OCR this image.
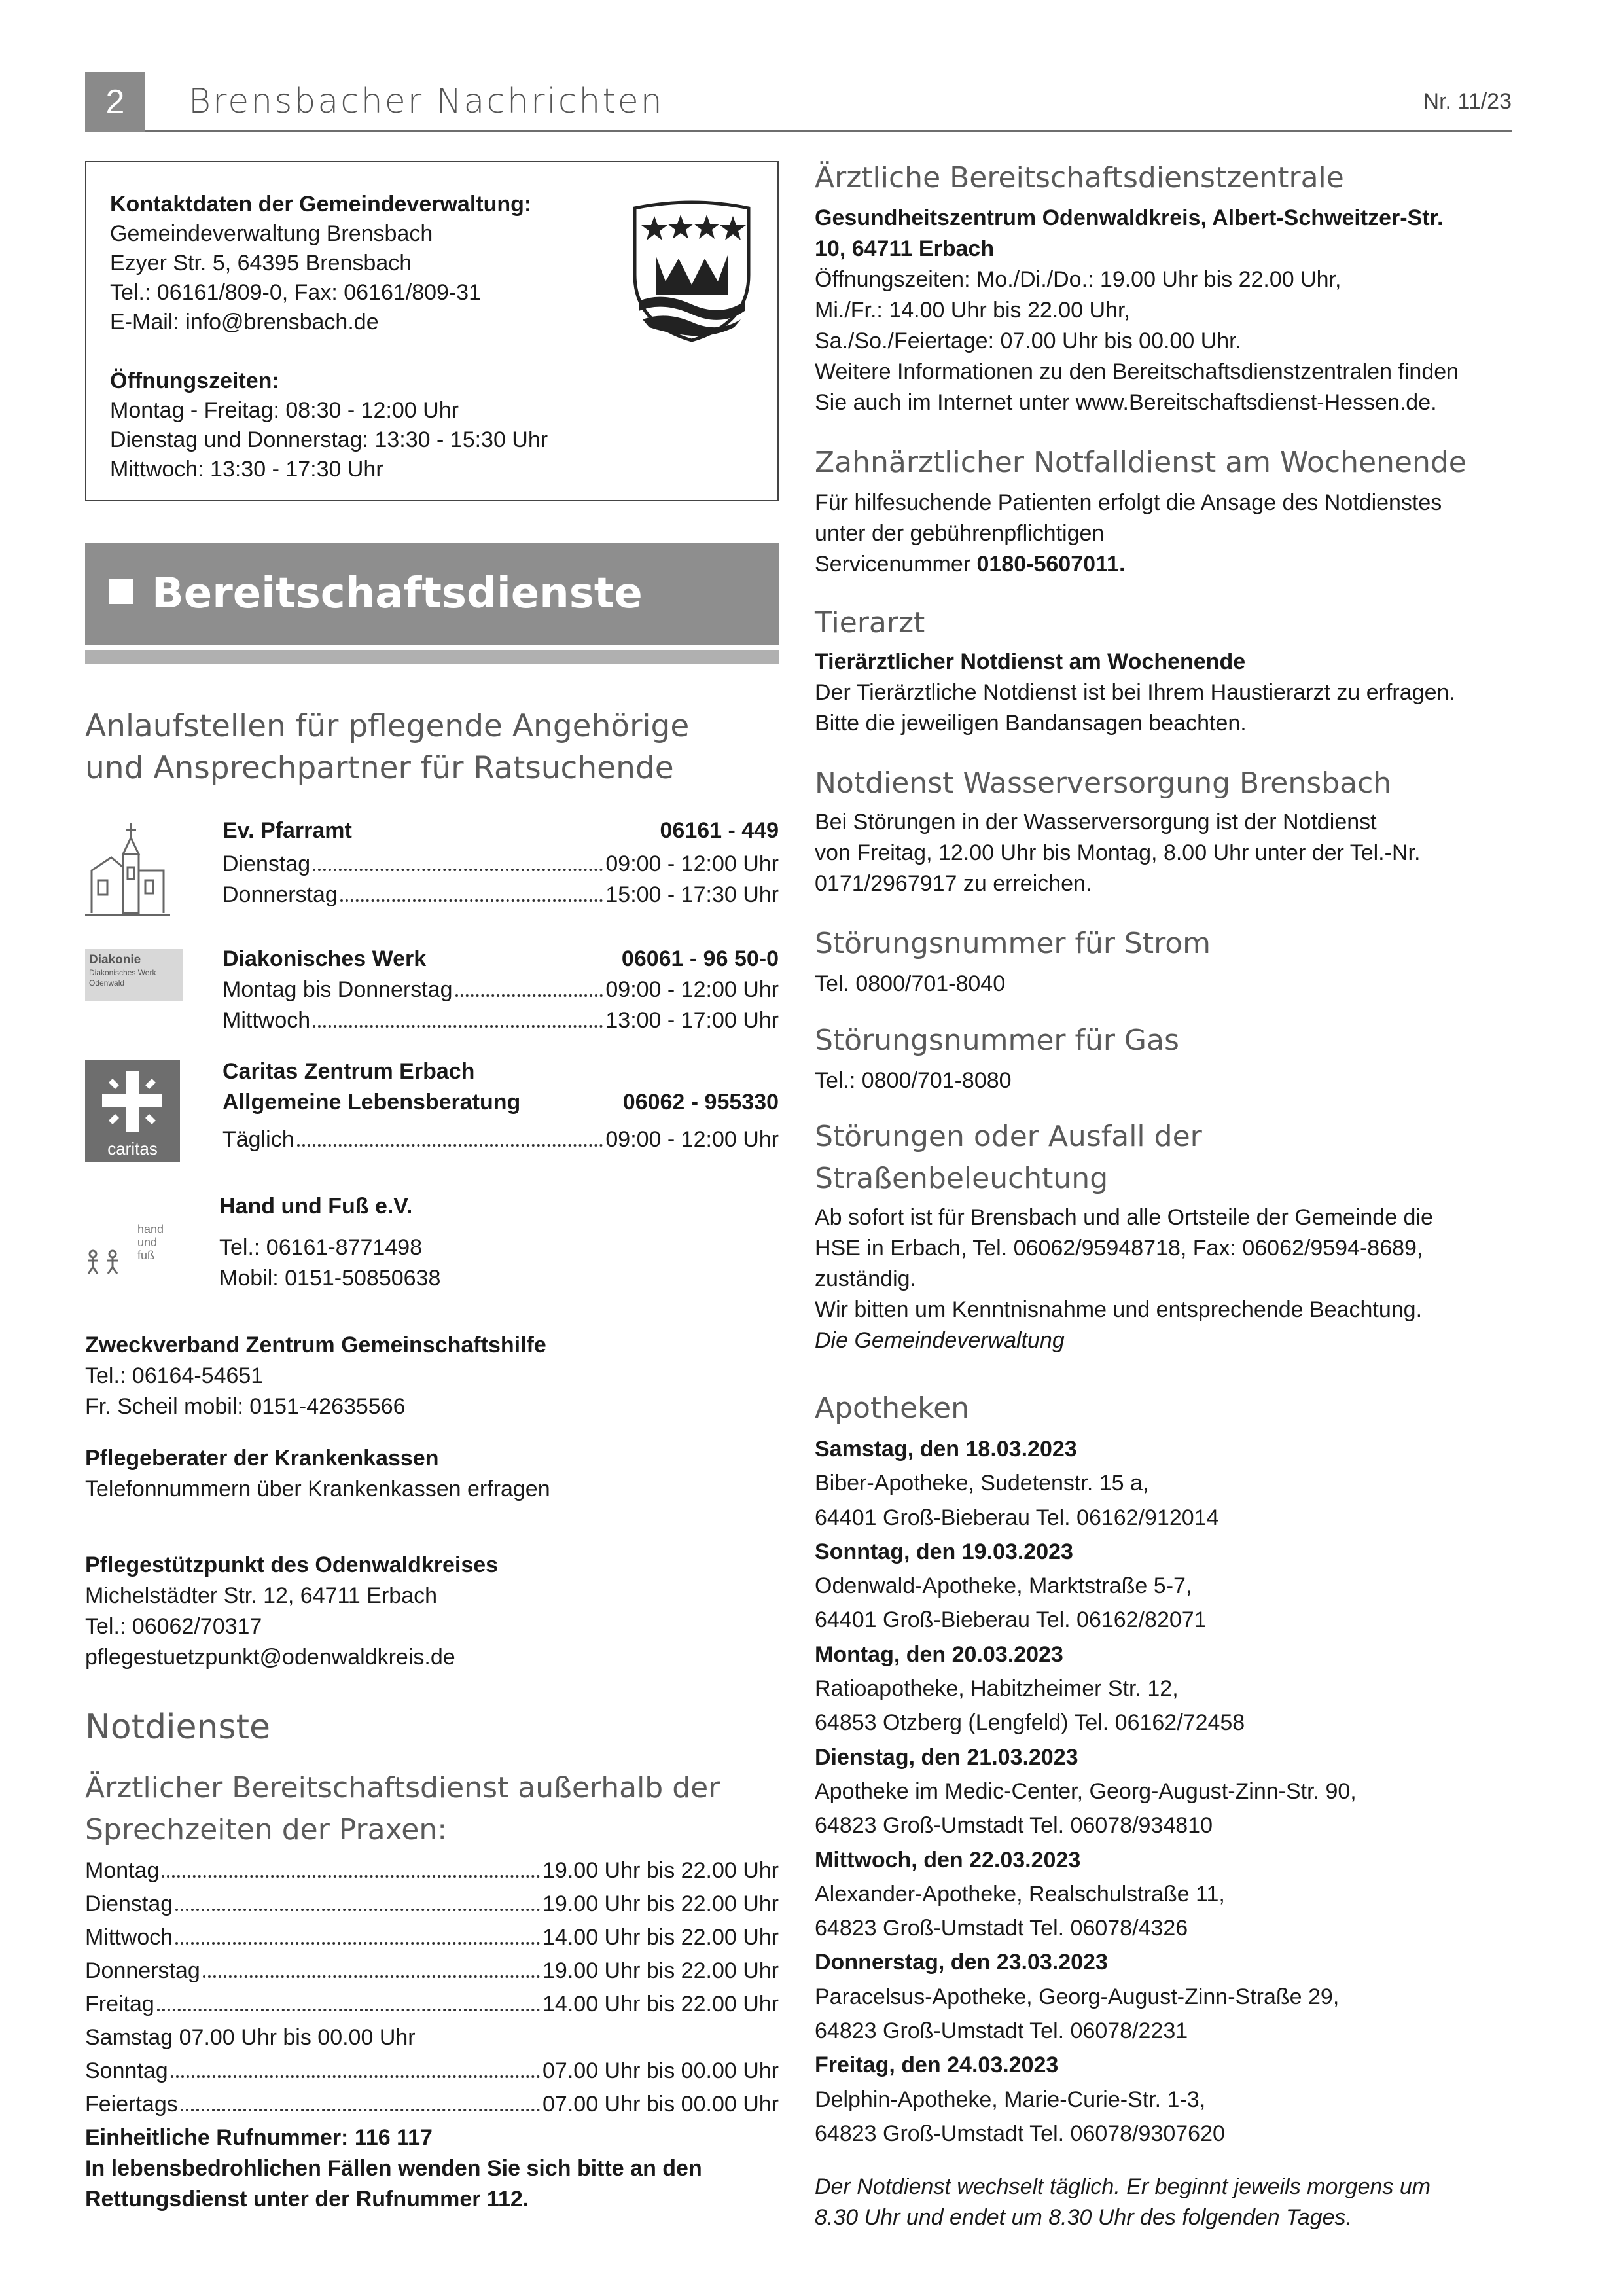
2	Brensbacher Nachrichten	Nr. 11/23
Kontaktdaten der Gemeindeverwaltung:
Gemeindeverwaltung Brensbach
Ezyer Str. 5, 64395 Brensbach
Tel.: 06161/809-0, Fax: 06161/809-31
E-Mail: info@brensbach.de
Öffnungszeiten:
Montag - Freitag: 08:30 - 12:00 Uhr
Dienstag und Donnerstag: 13:30 - 15:30 Uhr
Mittwoch: 13:30 - 17:30 Uhr
Bereitschaftsdienste
Anlaufstellen für pflegende Angehörige
und Ansprechpartner für Ratsuchende
Ev. Pfarramt	06161 - 449
Dienstag	09:00 - 12:00 Uhr
Donnerstag	15:00 - 17:30 Uhr
Diakonie
Diakonisches Werk
Odenwald
Diakonisches Werk	06061 - 96 50-0
Montag bis Donnerstag	09:00 - 12:00 Uhr
Mittwoch	13:00 - 17:00 Uhr
caritas
Caritas Zentrum Erbach
Allgemeine Lebensberatung	06062 - 955330
Täglich	09:00 - 12:00 Uhr
hand
und
fuß
Hand und Fuß e.V.
Tel.: 06161-8771498
Mobil: 0151-50850638
Zweckverband Zentrum Gemeinschaftshilfe
Tel.: 06164-54651
Fr. Scheil mobil: 0151-42635566
Pflegeberater der Krankenkassen
Telefonnummern über Krankenkassen erfragen
Pflegestützpunkt des Odenwaldkreises
Michelstädter Str. 12, 64711 Erbach
Tel.: 06062/70317
pflegestuetzpunkt@odenwaldkreis.de
Notdienste
Ärztlicher Bereitschaftsdienst außerhalb der
Sprechzeiten der Praxen:
Montag	19.00 Uhr bis 22.00 Uhr
Dienstag	19.00 Uhr bis 22.00 Uhr
Mittwoch	14.00 Uhr bis 22.00 Uhr
Donnerstag	19.00 Uhr bis 22.00 Uhr
Freitag	14.00 Uhr bis 22.00 Uhr
Samstag 07.00 Uhr bis 00.00 Uhr
Sonntag	07.00 Uhr bis 00.00 Uhr
Feiertags	07.00 Uhr bis 00.00 Uhr
Einheitliche Rufnummer: 116 117
In lebensbedrohlichen Fällen wenden Sie sich bitte an den
Rettungsdienst unter der Rufnummer 112.
Ärztliche Bereitschaftsdienstzentrale
Gesundheitszentrum Odenwaldkreis, Albert-Schweitzer-Str.
10, 64711 Erbach
Öffnungszeiten: Mo./Di./Do.: 19.00 Uhr bis 22.00 Uhr,
Mi./Fr.: 14.00 Uhr bis 22.00 Uhr,
Sa./So./Feiertage: 07.00 Uhr bis 00.00 Uhr.
Weitere Informationen zu den Bereitschaftsdienstzentralen finden
Sie auch im Internet unter www.Bereitschaftsdienst-Hessen.de.
Zahnärztlicher Notfalldienst am Wochenende
Für hilfesuchende Patienten erfolgt die Ansage des Notdienstes
unter der gebührenpflichtigen
Servicenummer 0180-5607011.
Tierarzt
Tierärztlicher Notdienst am Wochenende
Der Tierärztliche Notdienst ist bei Ihrem Haustierarzt zu erfragen.
Bitte die jeweiligen Bandansagen beachten.
Notdienst Wasserversorgung Brensbach
Bei Störungen in der Wasserversorgung ist der Notdienst
von Freitag, 12.00 Uhr bis Montag, 8.00 Uhr unter der Tel.-Nr.
0171/2967917 zu erreichen.
Störungsnummer für Strom
Tel. 0800/701-8040
Störungsnummer für Gas
Tel.: 0800/701-8080
Störungen oder Ausfall der
Straßenbeleuchtung
Ab sofort ist für Brensbach und alle Ortsteile der Gemeinde die
HSE in Erbach, Tel. 06062/95948718, Fax: 06062/9594-8689,
zuständig.
Wir bitten um Kenntnisnahme und entsprechende Beachtung.
Die Gemeindeverwaltung
Apotheken
Samstag, den 18.03.2023
Biber-Apotheke, Sudetenstr. 15 a,
64401 Groß-Bieberau Tel. 06162/912014
Sonntag, den 19.03.2023
Odenwald-Apotheke, Marktstraße 5-7,
64401 Groß-Bieberau Tel. 06162/82071
Montag, den 20.03.2023
Ratioapotheke, Habitzheimer Str. 12,
64853 Otzberg (Lengfeld) Tel. 06162/72458
Dienstag, den 21.03.2023
Apotheke im Medic-Center, Georg-August-Zinn-Str. 90,
64823 Groß-Umstadt Tel. 06078/934810
Mittwoch, den 22.03.2023
Alexander-Apotheke, Realschulstraße 11,
64823 Groß-Umstadt Tel. 06078/4326
Donnerstag, den 23.03.2023
Paracelsus-Apotheke, Georg-August-Zinn-Straße 29,
64823 Groß-Umstadt Tel. 06078/2231
Freitag, den 24.03.2023
Delphin-Apotheke, Marie-Curie-Str. 1-3,
64823 Groß-Umstadt Tel. 06078/9307620
Der Notdienst wechselt täglich. Er beginnt jeweils morgens um
8.30 Uhr und endet um 8.30 Uhr des folgenden Tages.
